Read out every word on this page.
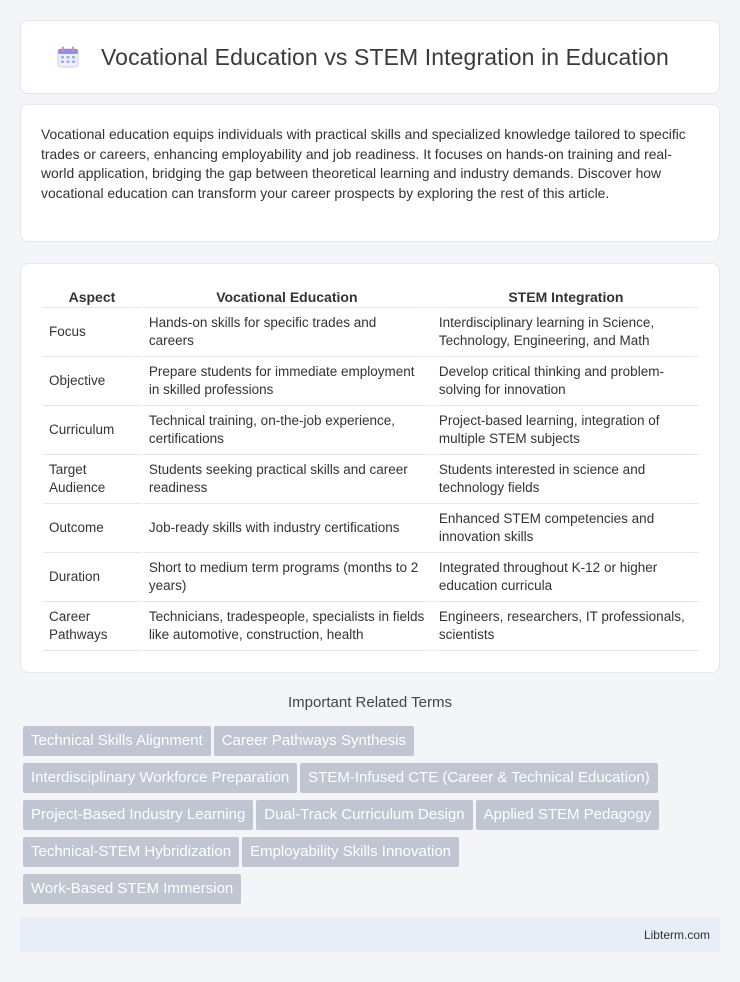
Vocational Education vs STEM Integration in Education

Vocational education equips individuals with practical skills and specialized knowledge tailored to specific trades or careers, enhancing employability and job readiness. It focuses on hands-on training and real-world application, bridging the gap between theoretical learning and industry demands. Discover how vocational education can transform your career prospects by exploring the rest of this article.

Aspect	Vocational Education	STEM Integration
Focus	Hands-on skills for specific trades and careers	Interdisciplinary learning in Science, Technology, Engineering, and Math
Objective	Prepare students for immediate employment in skilled professions	Develop critical thinking and problem-solving for innovation
Curriculum	Technical training, on-the-job experience, certifications	Project-based learning, integration of multiple STEM subjects
Target Audience	Students seeking practical skills and career readiness	Students interested in science and technology fields
Outcome	Job-ready skills with industry certifications	Enhanced STEM competencies and innovation skills
Duration	Short to medium term programs (months to 2 years)	Integrated throughout K-12 or higher education curricula
Career Pathways	Technicians, tradespeople, specialists in fields like automotive, construction, health	Engineers, researchers, IT professionals, scientists
Important Related Terms
Technical Skills Alignment Career Pathways Synthesis
Interdisciplinary Workforce Preparation STEM-Infused CTE (Career & Technical Education)
Project-Based Industry Learning Dual-Track Curriculum Design Applied STEM Pedagogy
Technical-STEM Hybridization Employability Skills Innovation
Work-Based STEM Immersion
Libterm.com
